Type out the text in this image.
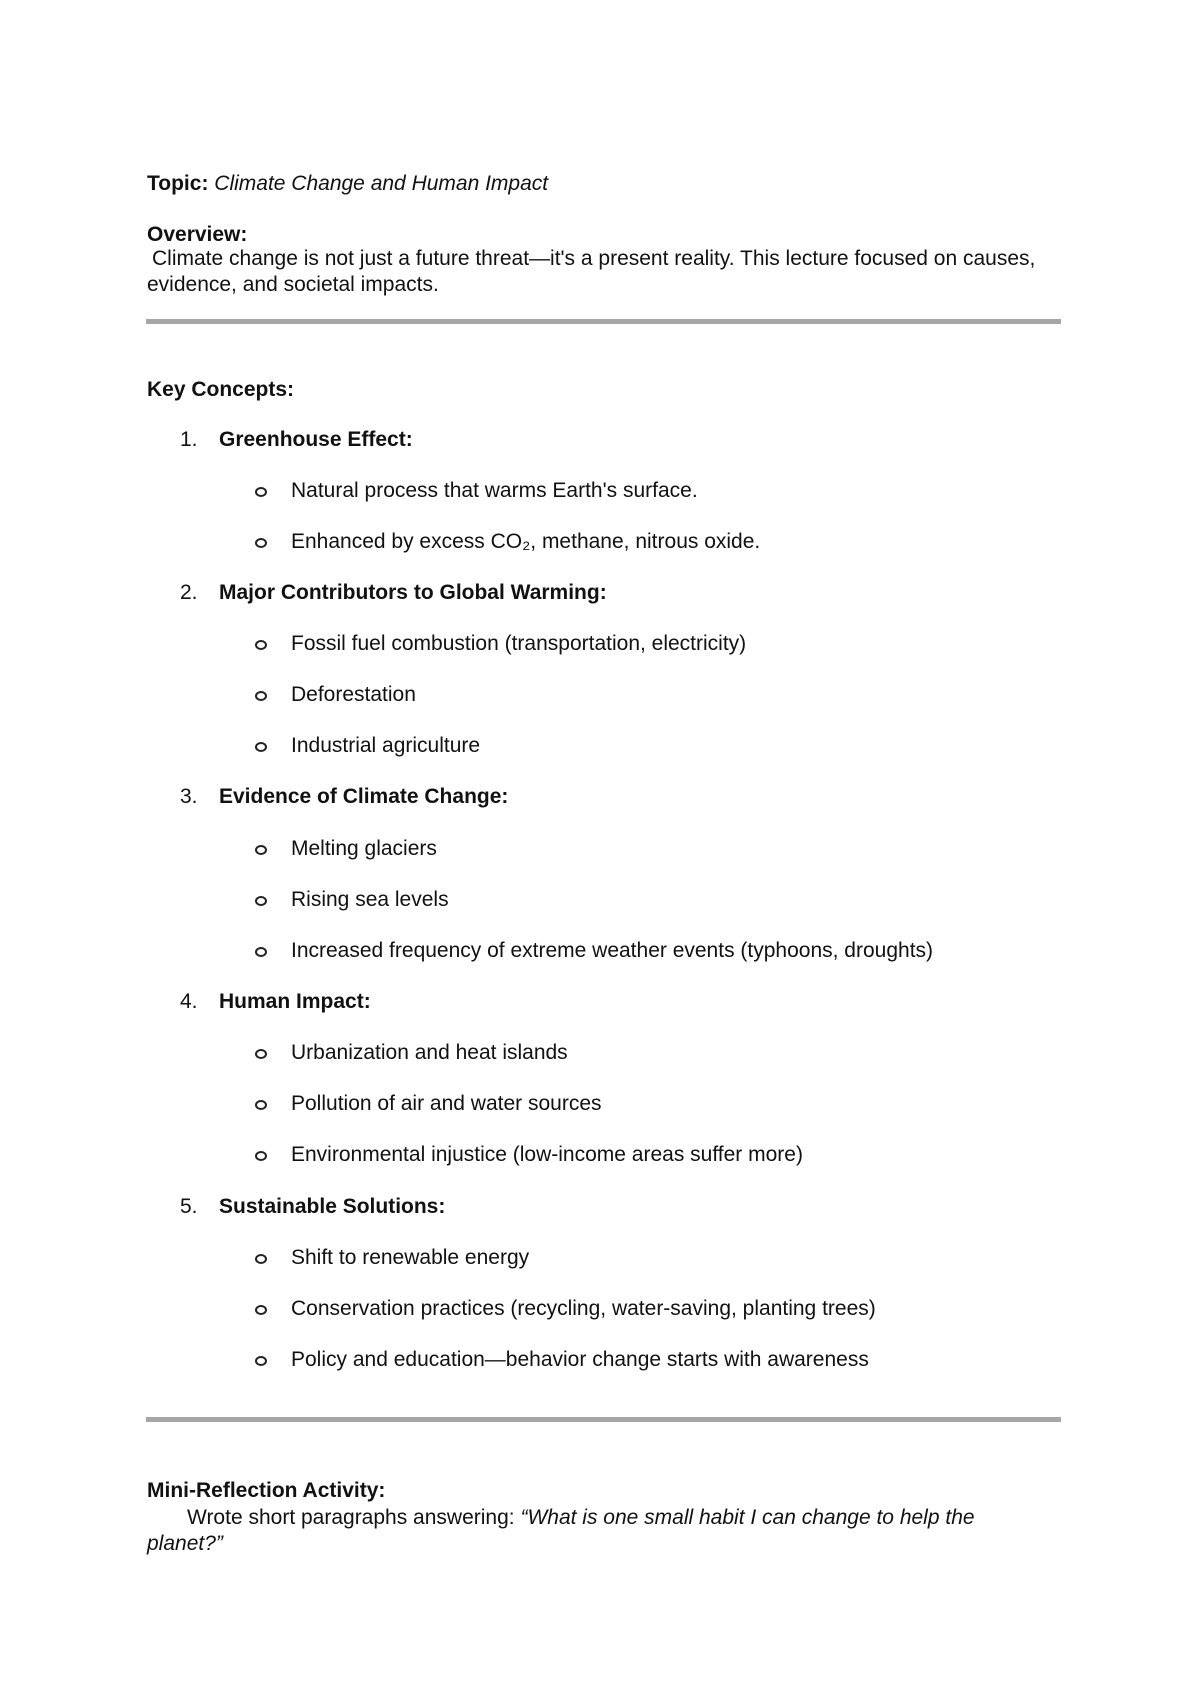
Topic: Climate Change and Human Impact
Overview:
Climate change is not just a future threat—it's a present reality. This lecture focused on causes, evidence, and societal impacts.
Key Concepts:
1. Greenhouse Effect:
Natural process that warms Earth's surface.
Enhanced by excess CO₂, methane, nitrous oxide.
2. Major Contributors to Global Warming:
Fossil fuel combustion (transportation, electricity)
Deforestation
Industrial agriculture
3. Evidence of Climate Change:
Melting glaciers
Rising sea levels
Increased frequency of extreme weather events (typhoons, droughts)
4. Human Impact:
Urbanization and heat islands
Pollution of air and water sources
Environmental injustice (low-income areas suffer more)
5. Sustainable Solutions:
Shift to renewable energy
Conservation practices (recycling, water-saving, planting trees)
Policy and education—behavior change starts with awareness
Mini-Reflection Activity:
Wrote short paragraphs answering: “What is one small habit I can change to help the planet?”
